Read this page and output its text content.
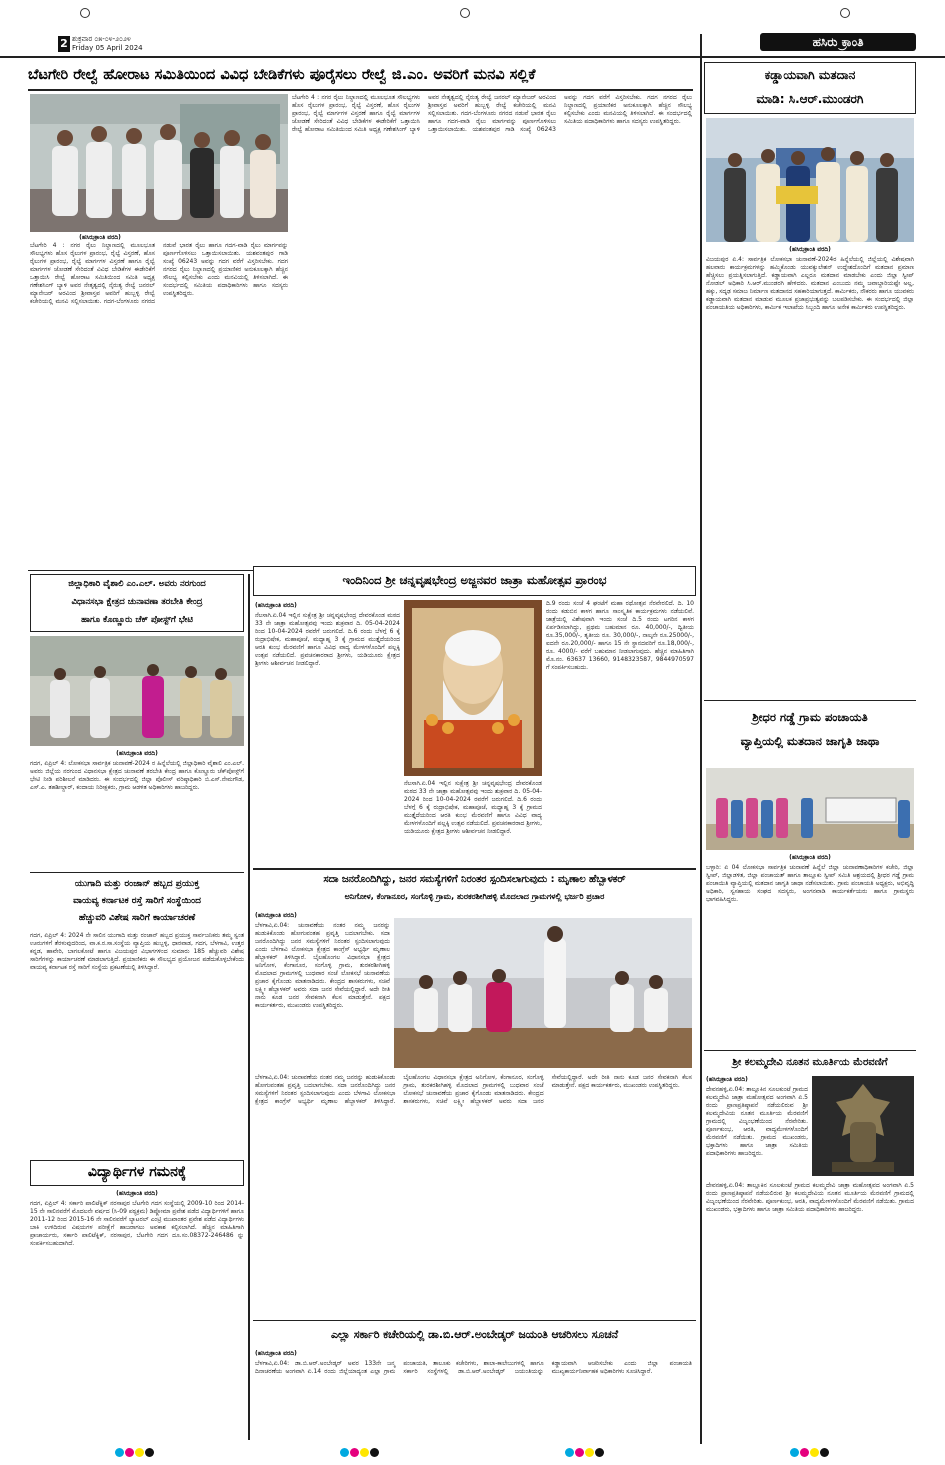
2 ಶುಕ್ರವಾರ ೦೫-೦೪-೨೦೨೪
Friday 05 April 2024	ಹಸಿರು ಕ್ರಾಂತಿ
ಬೆಟಗೇರಿ ರೇಲ್ವೆ ಹೋರಾಟ ಸಮಿತಿಯಿಂದ ವಿವಿಧ ಬೇಡಿಕೆಗಳು ಪೂರೈಸಲು ರೇಲ್ವೆ ಜಿ.ಎಂ. ಅವರಿಗೆ ಮನವಿ ಸಲ್ಲಿಕೆ
(ಹಸಿರುಕ್ರಾಂತಿ ವರದಿ)
ಬೆಟಗೇರಿ 4 : ನಗರ ರೈಲು ನಿಲ್ದಾಣದಲ್ಲಿ ಮೂಲಭೂತ ಸೌಲಭ್ಯಗಳು ಹೊಸ ರೈಲುಗಳ ಪ್ರಾರಂಭ, ರೈಲ್ವೆ ವಿಸ್ತರಣೆ, ಹೊಸ ರೈಲುಗಳ ಪ್ರಾರಂಭ, ರೈಲ್ವೆ ಮಾರ್ಗಗಳ ವಿಸ್ತರಣೆ ಹಾಗೂ ರೈಲ್ವೆ ಮಾರ್ಗಗಳ ಜೋಡಣೆ ಸೇರಿದಂತೆ ವಿವಿಧ ಬೇಡಿಕೆಗಳ ಈಡೇರಿಕೆಗೆ ಒತ್ತಾಯಿಸಿ ರೇಲ್ವೆ ಹೋರಾಟ ಸಮಿತಿಯಿಂದ ಸಮಿತಿ ಅಧ್ಯಕ್ಷ ಗಣೇಶಸಿಂಗ್ ಬ್ಯಾಳಿ ಅವರ ನೇತೃತ್ವದಲ್ಲಿ ನೈರುತ್ಯ ರೇಲ್ವೆ ಜನರಲ್ ಮ್ಯಾನೇಜರ್ ಅರವಿಂದ ಶ್ರೀವಾಸ್ತವ ಅವರಿಗೆ ಹುಬ್ಬಳ್ಳಿ ರೇಲ್ವೆ ಕಚೇರಿಯಲ್ಲಿ ಮನವಿ ಸಲ್ಲಿಸಲಾಯಿತು. ಗದಗ-ಬೆಂಗಳೂರು ನಗರದ ನಡುವೆ ಭಾರತ ರೈಲು ಹಾಗೂ ಗದಗ-ವಾಡಿ ರೈಲು ಮಾರ್ಗವನ್ನು ಪೂರ್ಣಗೊಳಿಸಲು ಒತ್ತಾಯಿಸಲಾಯಿತು. ಯಶವಂತಪುರ ಗಾಡಿ ಸಂಖ್ಯೆ 06243 ಅವನ್ನು ಗದಗ ವರೆಗೆ ವಿಸ್ತರಿಸಬೇಕು. ಗದಗ ನಗರದ ರೈಲು ನಿಲ್ದಾಣದಲ್ಲಿ ಪ್ರಯಾಣಿಕರ ಅನುಕೂಲಕ್ಕಾಗಿ ಹೆಚ್ಚಿನ ಸೌಲಭ್ಯ ಕಲ್ಪಿಸಬೇಕು ಎಂದು ಮನವಿಯಲ್ಲಿ ತಿಳಿಸಲಾಗಿದೆ. ಈ ಸಂದರ್ಭದಲ್ಲಿ ಸಮಿತಿಯ ಪದಾಧಿಕಾರಿಗಳು ಹಾಗೂ ಸದಸ್ಯರು ಉಪಸ್ಥಿತರಿದ್ದರು.
ಬೆಟಗೇರಿ 4 : ನಗರ ರೈಲು ನಿಲ್ದಾಣದಲ್ಲಿ ಮೂಲಭೂತ ಸೌಲಭ್ಯಗಳು ಹೊಸ ರೈಲುಗಳ ಪ್ರಾರಂಭ, ರೈಲ್ವೆ ವಿಸ್ತರಣೆ, ಹೊಸ ರೈಲುಗಳ ಪ್ರಾರಂಭ, ರೈಲ್ವೆ ಮಾರ್ಗಗಳ ವಿಸ್ತರಣೆ ಹಾಗೂ ರೈಲ್ವೆ ಮಾರ್ಗಗಳ ಜೋಡಣೆ ಸೇರಿದಂತೆ ವಿವಿಧ ಬೇಡಿಕೆಗಳ ಈಡೇರಿಕೆಗೆ ಒತ್ತಾಯಿಸಿ ರೇಲ್ವೆ ಹೋರಾಟ ಸಮಿತಿಯಿಂದ ಸಮಿತಿ ಅಧ್ಯಕ್ಷ ಗಣೇಶಸಿಂಗ್ ಬ್ಯಾಳಿ ಅವರ ನೇತೃತ್ವದಲ್ಲಿ ನೈರುತ್ಯ ರೇಲ್ವೆ ಜನರಲ್ ಮ್ಯಾನೇಜರ್ ಅರವಿಂದ ಶ್ರೀವಾಸ್ತವ ಅವರಿಗೆ ಹುಬ್ಬಳ್ಳಿ ರೇಲ್ವೆ ಕಚೇರಿಯಲ್ಲಿ ಮನವಿ ಸಲ್ಲಿಸಲಾಯಿತು. ಗದಗ-ಬೆಂಗಳೂರು ನಗರದ ನಡುವೆ ಭಾರತ ರೈಲು ಹಾಗೂ ಗದಗ-ವಾಡಿ ರೈಲು ಮಾರ್ಗವನ್ನು ಪೂರ್ಣಗೊಳಿಸಲು ಒತ್ತಾಯಿಸಲಾಯಿತು. ಯಶವಂತಪುರ ಗಾಡಿ ಸಂಖ್ಯೆ 06243 ಅವನ್ನು ಗದಗ ವರೆಗೆ ವಿಸ್ತರಿಸಬೇಕು. ಗದಗ ನಗರದ ರೈಲು ನಿಲ್ದಾಣದಲ್ಲಿ ಪ್ರಯಾಣಿಕರ ಅನುಕೂಲಕ್ಕಾಗಿ ಹೆಚ್ಚಿನ ಸೌಲಭ್ಯ ಕಲ್ಪಿಸಬೇಕು ಎಂದು ಮನವಿಯಲ್ಲಿ ತಿಳಿಸಲಾಗಿದೆ. ಈ ಸಂದರ್ಭದಲ್ಲಿ ಸಮಿತಿಯ ಪದಾಧಿಕಾರಿಗಳು ಹಾಗೂ ಸದಸ್ಯರು ಉಪಸ್ಥಿತರಿದ್ದರು.
ಕಡ್ಡಾಯವಾಗಿ ಮತದಾನ
ಮಾಡಿ: ಸಿ.ಆರ್.ಮುಂಡರಗಿ
(ಹಸಿರುಕ್ರಾಂತಿ ವರದಿ)
ವಿಜಯಪುರ ಏ.4: ಸಾರ್ವತ್ರಿಕ ಲೋಕಸಭಾ ಚುನಾವಣೆ-2024ರ ಹಿನ್ನೆಲೆಯಲ್ಲಿ ಜಿಲ್ಲೆಯಲ್ಲಿ ವಿಶೇಷವಾಗಿ ಹಲವಾರು ಕಾರ್ಯಕ್ರಮಗಳನ್ನು ಹಮ್ಮಿಕೊಂಡು ಯುವಕ್ಯುಲೇಶನ್ ಉದ್ದೇಶದೊಂದಿಗೆ ಮತದಾನ ಪ್ರಮಾಣ ಹೆಚ್ಚಿಸಲು ಪ್ರಯತ್ನಿಸಲಾಗುತ್ತಿದೆ. ಕಡ್ಡಾಯವಾಗಿ ಎಲ್ಲರೂ ಮತದಾನ ಮಾಡಬೇಕು ಎಂದು ಜಿಲ್ಲಾ ಸ್ವೀಪ್ ನೋಡಲ್ ಅಧಿಕಾರಿ ಸಿ.ಆರ್.ಮುಂಡರಗಿ ಹೇಳಿದರು. ಮತದಾನ ಎಂಬುದು ನಮ್ಮ ಜವಾಬ್ದಾರಿಯಷ್ಟೇ ಅಲ್ಲ, ಹಕ್ಕು, ಸದೃಢ ಸಮಾಜ ನಿರ್ಮಾಣ ಮತದಾನದ ಸಹಕಾರಿಯಾಗುತ್ತದೆ. ಕಾರ್ಮಿಕರು, ನೌಕರರು ಹಾಗೂ ಯುವಕರು ಕಡ್ಡಾಯವಾಗಿ ಮತದಾನ ಮಾಡುವ ಮೂಲಕ ಪ್ರಜಾಪ್ರಭುತ್ವವನ್ನು ಬಲಪಡಿಸಬೇಕು. ಈ ಸಂದರ್ಭದಲ್ಲಿ ಜಿಲ್ಲಾ ಪಂಚಾಯತಿಯ ಅಧಿಕಾರಿಗಳು, ಕಾರ್ಮಿಕ ಇಲಾಖೆಯ ಸಿಬ್ಬಂದಿ ಹಾಗೂ ಅನೇಕ ಕಾರ್ಮಿಕರು ಉಪಸ್ಥಿತರಿದ್ದರು.
ಶ್ರೀಧರ ಗಡ್ಡೆ ಗ್ರಾಮ ಪಂಚಾಯತಿ
ವ್ಯಾಪ್ತಿಯಲ್ಲಿ ಮತದಾನ ಜಾಗೃತಿ ಜಾಥಾ
(ಹಸಿರುಕ್ರಾಂತಿ ವರದಿ)
ಬಳ್ಳಾರಿ: ಏ 04 ಲೋಕಸಭಾ ಸಾರ್ವತ್ರಿಕ ಚುನಾವಣೆ ಹಿನ್ನೆಲೆ ಜಿಲ್ಲಾ ಚುನಾವಣಾಧಿಕಾರಿಗಳ ಕಚೇರಿ, ಜಿಲ್ಲಾ ಸ್ವೀಪ್, ಜಿಲ್ಲಾಡಳಿತ, ಜಿಲ್ಲಾ ಪಂಚಾಯತ್ ಹಾಗೂ ತಾಲ್ಲೂಕು ಸ್ವೀಪ್ ಸಮಿತಿ ಆಶ್ರಯದಲ್ಲಿ ಶ್ರೀಧರ ಗಡ್ಡೆ ಗ್ರಾಮ ಪಂಚಾಯಿತಿ ವ್ಯಾಪ್ತಿಯಲ್ಲಿ ಮತದಾನ ಜಾಗೃತಿ ಜಾಥಾ ನಡೆಸಲಾಯಿತು. ಗ್ರಾಮ ಪಂಚಾಯತಿ ಅಧ್ಯಕ್ಷರು, ಅಭಿವೃದ್ಧಿ ಅಧಿಕಾರಿ, ಸ್ವಸಹಾಯ ಸಂಘದ ಸದಸ್ಯರು, ಅಂಗನವಾಡಿ ಕಾರ್ಯಕರ್ತೆಯರು ಹಾಗೂ ಗ್ರಾಮಸ್ಥರು ಭಾಗವಹಿಸಿದ್ದರು.
ಶ್ರೀ ಕಲಮ್ಮದೇವಿ ನೂತನ ಮೂರ್ತಿಯ ಮೆರವಣಿಗೆ
(ಹಸಿರುಕ್ರಾಂತಿ ವರದಿ)
ದೇವನಹಳ್ಳಿ,ಏ.04: ತಾಲ್ಲೂಕಿನ ಸೂಲಕುಂಟೆ ಗ್ರಾಮದ ಕಲಮ್ಮದೇವಿ ಜಾತ್ರಾ ಮಹೋತ್ಸವದ ಅಂಗವಾಗಿ ಏ.5 ರಂದು ಪ್ರಾಣಪ್ರತಿಷ್ಠಾಪನೆ ನಡೆಯಲಿರುವ ಶ್ರೀ ಕಲಮ್ಮದೇವಿಯ ನೂತನ ಮೂರ್ತಿಯ ಮೆರವಣಿಗೆ ಗ್ರಾಮದಲ್ಲಿ ವಿಜೃಂಭಣೆಯಿಂದ ನೆರವೇರಿತು. ಪೂರ್ಣಕುಂಭ, ಆರತಿ, ವಾದ್ಯಮೇಳಗಳೊಂದಿಗೆ ಮೆರವಣಿಗೆ ನಡೆಯಿತು. ಗ್ರಾಮದ ಮುಖಂಡರು, ಭಕ್ತಾದಿಗಳು ಹಾಗೂ ಜಾತ್ರಾ ಸಮಿತಿಯ ಪದಾಧಿಕಾರಿಗಳು ಹಾಜರಿದ್ದರು.
ದೇವನಹಳ್ಳಿ,ಏ.04: ತಾಲ್ಲೂಕಿನ ಸೂಲಕುಂಟೆ ಗ್ರಾಮದ ಕಲಮ್ಮದೇವಿ ಜಾತ್ರಾ ಮಹೋತ್ಸವದ ಅಂಗವಾಗಿ ಏ.5 ರಂದು ಪ್ರಾಣಪ್ರತಿಷ್ಠಾಪನೆ ನಡೆಯಲಿರುವ ಶ್ರೀ ಕಲಮ್ಮದೇವಿಯ ನೂತನ ಮೂರ್ತಿಯ ಮೆರವಣಿಗೆ ಗ್ರಾಮದಲ್ಲಿ ವಿಜೃಂಭಣೆಯಿಂದ ನೆರವೇರಿತು. ಪೂರ್ಣಕುಂಭ, ಆರತಿ, ವಾದ್ಯಮೇಳಗಳೊಂದಿಗೆ ಮೆರವಣಿಗೆ ನಡೆಯಿತು. ಗ್ರಾಮದ ಮುಖಂಡರು, ಭಕ್ತಾದಿಗಳು ಹಾಗೂ ಜಾತ್ರಾ ಸಮಿತಿಯ ಪದಾಧಿಕಾರಿಗಳು ಹಾಜರಿದ್ದರು.
ಜಿಲ್ಲಾಧಿಕಾರಿ ವೈಶಾಲಿ ಎಂ.ಎಲ್. ಅವರು ನರಗುಂದ
ವಿಧಾನಸಭಾ ಕ್ಷೇತ್ರದ ಚುನಾವಣಾ ತರಬೇತಿ ಕೇಂದ್ರ
ಹಾಗೂ ಕೊಣ್ಣೂರು ಚೆಕ್ ಪೋಸ್ಟ್‌ಗೆ ಭೇಟಿ
(ಹಸಿರುಕ್ರಾಂತಿ ವರದಿ)
ಗದಗ, ಏಪ್ರಿಲ್ 4: ಲೋಕಸಭಾ ಸಾರ್ವತ್ರಿಕ ಚುನಾವಣೆ-2024 ರ ಹಿನ್ನೆಲೆಯಲ್ಲಿ ಜಿಲ್ಲಾಧಿಕಾರಿ ವೈಶಾಲಿ ಎಂ.ಎಲ್. ಅವರು ಜಿಲ್ಲೆಯ ನರಗುಂದ ವಿಧಾನಸಭಾ ಕ್ಷೇತ್ರದ ಚುನಾವಣೆ ತರಬೇತಿ ಕೇಂದ್ರ ಹಾಗೂ ಕೊಣ್ಣೂರು ಚೆಕ್‌ಪೋಸ್ಟ್‌ಗೆ ಭೇಟಿ ನೀಡಿ ಪರಿಶೀಲನೆ ಮಾಡಿದರು. ಈ ಸಂದರ್ಭದಲ್ಲಿ ಜಿಲ್ಲಾ ಪೊಲೀಸ್ ವರಿಷ್ಠಾಧಿಕಾರಿ ಬಿ.ಎಸ್.ನೇಮಗೌಡ, ಎಸ್.ಎ. ತಹಶೀಲ್ದಾರ್, ಕಂದಾಯ ನಿರೀಕ್ಷಕರು, ಗ್ರಾಮ ಆಡಳಿತ ಅಧಿಕಾರಿಗಳು ಹಾಜರಿದ್ದರು.
ಯುಗಾದಿ ಮತ್ತು ರಂಜಾನ್ ಹಬ್ಬದ ಪ್ರಯುಕ್ತ
ವಾಯವ್ಯ ಕರ್ನಾಟಕ ರಸ್ತೆ ಸಾರಿಗೆ ಸಂಸ್ಥೆಯಿಂದ
ಹೆಚ್ಚುವರಿ ವಿಶೇಷ ಸಾರಿಗೆ ಕಾರ್ಯಾಚರಣೆ
ಗದಗ, ಏಪ್ರಿಲ್ 4: 2024 ನೇ ಸಾಲಿನ ಯುಗಾದಿ ಮತ್ತು ರಂಜಾನ್ ಹಬ್ಬದ ಪ್ರಯುಕ್ತ ಸಾರ್ವಜನಿಕರು ತಮ್ಮ ಸ್ವಂತ ಊರುಗಳಿಗೆ ತೆರಳುವುದರಿಂದ, ವಾ.ಕ.ರ.ಸಾ.ಸಂಸ್ಥೆಯ ವ್ಯಾಪ್ತಿಯ ಹುಬ್ಬಳ್ಳಿ, ಧಾರವಾಡ, ಗದಗ, ಬೆಳಗಾವಿ, ಉತ್ತರ ಕನ್ನಡ, ಹಾವೇರಿ, ಬಾಗಲಕೋಟೆ ಹಾಗೂ ವಿಜಯಪುರ ವಿಭಾಗಗಳಿಂದ ಸುಮಾರು 185 ಹೆಚ್ಚುವರಿ ವಿಶೇಷ ಸಾರಿಗೆಗಳನ್ನು ಕಾರ್ಯಾಚರಣೆ ಮಾಡಲಾಗುತ್ತಿದೆ. ಪ್ರಯಾಣಿಕರು ಈ ಸೌಲಭ್ಯದ ಪ್ರಯೋಜನ ಪಡೆದುಕೊಳ್ಳಬೇಕೆಂದು ವಾಯವ್ಯ ಕರ್ನಾಟಕ ರಸ್ತೆ ಸಾರಿಗೆ ಸಂಸ್ಥೆಯ ಪ್ರಕಟಣೆಯಲ್ಲಿ ತಿಳಿಸಿದ್ದಾರೆ.
ವಿದ್ಯಾರ್ಥಿಗಳ ಗಮನಕ್ಕೆ
(ಹಸಿರುಕ್ರಾಂತಿ ವರದಿ)
ಗದಗ, ಏಪ್ರಿಲ್ 4: ಸರ್ಕಾರಿ ಪಾಲಿಟೆಕ್ನಿಕ್ ನರಸಾಪುರ ಬೆಟಗೇರಿ ಗದಗ ಸಂಸ್ಥೆಯಲ್ಲಿ 2009-10 ರಿಂದ 2014-15 ನೇ ಸಾಲಿನವರೆಗೆ ಮೊದಲನೇ ವರ್ಷದ (ಸಿ-09 ಪಠ್ಯಕ್ರಮ) ಡಿಪ್ಲೋಮಾ ಪ್ರವೇಶ ಪಡೆದ ವಿದ್ಯಾರ್ಥಿಗಳಿಗೆ ಹಾಗೂ 2011-12 ರಿಂದ 2015-16 ನೇ ಸಾಲಿನವರೆಗೆ ಲ್ಯಾಟರಲ್ ಎಂಟ್ರಿ ಮುಖಾಂತರ ಪ್ರವೇಶ ಪಡೆದ ವಿದ್ಯಾರ್ಥಿಗಳು ಬಾಕಿ ಉಳಿದಿರುವ ವಿಷಯಗಳ ಪರೀಕ್ಷೆಗೆ ಹಾಜರಾಗಲು ಅವಕಾಶ ಕಲ್ಪಿಸಲಾಗಿದೆ. ಹೆಚ್ಚಿನ ಮಾಹಿತಿಗಾಗಿ ಪ್ರಾಚಾರ್ಯರು, ಸರ್ಕಾರಿ ಪಾಲಿಟೆಕ್ನಿಕ್, ನರಸಾಪುರ, ಬೆಟಗೇರಿ ಗದಗ ದೂ.ಸಂ.08372-246486 ನ್ನು ಸಂಪರ್ಕಿಸಬಹುದಾಗಿದೆ.
ಇಂದಿನಿಂದ ಶ್ರೀ ಚನ್ನವೃಷಭೇಂದ್ರ ಅಜ್ಜನವರ ಜಾತ್ರಾ ಮಹೋತ್ಸವ ಪ್ರಾರಂಭ
(ಹಸಿರುಕ್ರಾಂತಿ ವರದಿ)
ನೆಲಸಾಗಿ.ಏ.04 ಇಲ್ಲಿನ ಸುಕ್ಷೇತ್ರ ಶ್ರೀ ಚನ್ನವೃಷಭೇಂದ್ರ ದೇವರಕೊಂಡ ಮಠದ 33 ನೇ ಜಾತ್ರಾ ಮಹೋತ್ಸವವು ಇಂದು ಶುಕ್ರವಾರ ದಿ. 05-04-2024 ರಿಂದ 10-04-2024 ರವರೆಗೆ ಜರುಗಲಿದೆ. ದಿ.6 ರಂದು ಬೆಳಗ್ಗೆ 6 ಕ್ಕೆ ರುದ್ರಾಭಿಷೇಕ, ಮಹಾಪೂಜೆ, ಮಧ್ಯಾಹ್ನ 3 ಕ್ಕೆ ಗ್ರಾಮದ ಮುತ್ತೈದೆಯರಿಂದ ಆರತಿ ಕುಂಭ ಮೆರವಣಿಗೆ ಹಾಗೂ ವಿವಿಧ ವಾದ್ಯ ಮೇಳಗಳೊಂದಿಗೆ ಪಲ್ಲಕ್ಕಿ ಉತ್ಸವ ನಡೆಯಲಿದೆ. ಪ್ರವಚನಕಾರರಾದ ಶ್ರೀಗಳು, ಯಡಿಯೂರು ಕ್ಷೇತ್ರದ ಶ್ರೀಗಳು ಆಶೀರ್ವಚನ ನೀಡಲಿದ್ದಾರೆ.
ದಿ.9 ರಂದು ಸಂಜೆ 4 ಘಂಟೆಗೆ ಮಹಾ ರಥೋತ್ಸವ ನೆರವೇರಲಿದೆ. ದಿ. 10 ರಂದು ಕಡುಬಿನ ಕಾಳಗ ಹಾಗೂ ಸಾಂಸ್ಕೃತಿಕ ಕಾರ್ಯಕ್ರಮಗಳು ನಡೆಯಲಿವೆ. ಜಾತ್ರೆಯಲ್ಲಿ ವಿಶೇಷವಾಗಿ ಇಂದು ಸಂಜೆ ದಿ.5 ರಂದು ಟಗರಿನ ಕಾಳಗ ಏರ್ಪಡಿಸಲಾಗಿದ್ದು, ಪ್ರಥಮ ಬಹುಮಾನ ರೂ. 40,000/-, ದ್ವಿತೀಯ ರೂ.35,000/-, ತೃತೀಯ ರೂ. 30,000/-, ನಾಲ್ಕನೇ ರೂ.25000/-, ಐದನೇ ರೂ.20,000/- ಹಾಗೂ 15 ನೇ ಸ್ಥಾನದವರಿಗೆ ರೂ.18,000/-, ರೂ. 4000/- ವರೆಗೆ ಬಹುಮಾನ ನೀಡಲಾಗುವುದು. ಹೆಚ್ಚಿನ ಮಾಹಿತಿಗಾಗಿ ಮೊ.ನಂ. 63637 13660, 9148323587, 9844970597 ಗೆ ಸಂಪರ್ಕಿಸಬಹುದು.
ನೆಲಸಾಗಿ.ಏ.04 ಇಲ್ಲಿನ ಸುಕ್ಷೇತ್ರ ಶ್ರೀ ಚನ್ನವೃಷಭೇಂದ್ರ ದೇವರಕೊಂಡ ಮಠದ 33 ನೇ ಜಾತ್ರಾ ಮಹೋತ್ಸವವು ಇಂದು ಶುಕ್ರವಾರ ದಿ. 05-04-2024 ರಿಂದ 10-04-2024 ರವರೆಗೆ ಜರುಗಲಿದೆ. ದಿ.6 ರಂದು ಬೆಳಗ್ಗೆ 6 ಕ್ಕೆ ರುದ್ರಾಭಿಷೇಕ, ಮಹಾಪೂಜೆ, ಮಧ್ಯಾಹ್ನ 3 ಕ್ಕೆ ಗ್ರಾಮದ ಮುತ್ತೈದೆಯರಿಂದ ಆರತಿ ಕುಂಭ ಮೆರವಣಿಗೆ ಹಾಗೂ ವಿವಿಧ ವಾದ್ಯ ಮೇಳಗಳೊಂದಿಗೆ ಪಲ್ಲಕ್ಕಿ ಉತ್ಸವ ನಡೆಯಲಿದೆ. ಪ್ರವಚನಕಾರರಾದ ಶ್ರೀಗಳು, ಯಡಿಯೂರು ಕ್ಷೇತ್ರದ ಶ್ರೀಗಳು ಆಶೀರ್ವಚನ ನೀಡಲಿದ್ದಾರೆ.
ಸದಾ ಜನರೊಂದಿಗಿದ್ದು, ಜನರ ಸಮಸ್ಯೆಗಳಿಗೆ ನಿರಂತರ ಸ್ಪಂದಿಸಲಾಗುವುದು : ಮೃಣಾಲ ಹೆಬ್ಬಾಳಕರ್
ಅನಿಗೋಳ, ಕೆಂಗಾನೂರ, ಸಂಗೊಳ್ಳಿ ಗ್ರಾಮ, ತುರಕರಶೀಗಿಹಳ್ಳಿ ಮೊದಲಾದ ಗ್ರಾಮಗಳಲ್ಲಿ ಭರ್ಜರಿ ಪ್ರಚಾರ
(ಹಸಿರುಕ್ರಾಂತಿ ವರದಿ)
ಬೆಳಗಾವಿ,ಏ.04: ಚುನಾವಣೆಯ ನಂತರ ನಮ್ಮ ಜನರನ್ನು ಹುಡುಕಿಕೊಂಡು ಹೋಗುವಂತಹ ಪ್ರವೃತ್ತಿ ಬದಲಾಗಬೇಕು. ಸದಾ ಜನರೊಂದಿಗಿದ್ದು ಜನರ ಸಮಸ್ಯೆಗಳಿಗೆ ನಿರಂತರ ಸ್ಪಂದಿಸಲಾಗುವುದು ಎಂದು ಬೆಳಗಾವಿ ಲೋಕಸಭಾ ಕ್ಷೇತ್ರದ ಕಾಂಗ್ರೆಸ್ ಅಭ್ಯರ್ಥಿ ಮೃಣಾಲ ಹೆಬ್ಬಾಳಕರ್ ತಿಳಿಸಿದ್ದಾರೆ. ಬೈಲಹೊಂಗಲ ವಿಧಾನಸಭಾ ಕ್ಷೇತ್ರದ ಅನಿಗೋಳ, ಕೆಂಗಾನೂರ, ಸಂಗೊಳ್ಳಿ ಗ್ರಾಮ, ತುರಕರಶೀಗಿಹಳ್ಳಿ ಮೊದಲಾದ ಗ್ರಾಮಗಳಲ್ಲಿ ಬುಧವಾರ ಸಂಜೆ ಲೋಕಸಭೆ ಚುನಾವಣೆಯ ಪ್ರಚಾರ ಕೈಗೊಂಡು ಮಾತನಾಡಿದರು. ಕೇಂದ್ರದ ಶಾಸಕರುಗಳು, ಸಚಿವೆ ಲಕ್ಷ್ಮೀ ಹೆಬ್ಬಾಳಕರ್ ಅವರು ಸದಾ ಜನರ ಸೇವೆಯಲ್ಲಿದ್ದಾರೆ. ಅದೇ ರೀತಿ ನಾನು ಕೂಡ ಜನರ ಸೇವಕನಾಗಿ ಕೆಲಸ ಮಾಡುತ್ತೇನೆ. ಪಕ್ಷದ ಕಾರ್ಯಕರ್ತರು, ಮುಖಂಡರು ಉಪಸ್ಥಿತರಿದ್ದರು.
ಬೆಳಗಾವಿ,ಏ.04: ಚುನಾವಣೆಯ ನಂತರ ನಮ್ಮ ಜನರನ್ನು ಹುಡುಕಿಕೊಂಡು ಹೋಗುವಂತಹ ಪ್ರವೃತ್ತಿ ಬದಲಾಗಬೇಕು. ಸದಾ ಜನರೊಂದಿಗಿದ್ದು ಜನರ ಸಮಸ್ಯೆಗಳಿಗೆ ನಿರಂತರ ಸ್ಪಂದಿಸಲಾಗುವುದು ಎಂದು ಬೆಳಗಾವಿ ಲೋಕಸಭಾ ಕ್ಷೇತ್ರದ ಕಾಂಗ್ರೆಸ್ ಅಭ್ಯರ್ಥಿ ಮೃಣಾಲ ಹೆಬ್ಬಾಳಕರ್ ತಿಳಿಸಿದ್ದಾರೆ. ಬೈಲಹೊಂಗಲ ವಿಧಾನಸಭಾ ಕ್ಷೇತ್ರದ ಅನಿಗೋಳ, ಕೆಂಗಾನೂರ, ಸಂಗೊಳ್ಳಿ ಗ್ರಾಮ, ತುರಕರಶೀಗಿಹಳ್ಳಿ ಮೊದಲಾದ ಗ್ರಾಮಗಳಲ್ಲಿ ಬುಧವಾರ ಸಂಜೆ ಲೋಕಸಭೆ ಚುನಾವಣೆಯ ಪ್ರಚಾರ ಕೈಗೊಂಡು ಮಾತನಾಡಿದರು. ಕೇಂದ್ರದ ಶಾಸಕರುಗಳು, ಸಚಿವೆ ಲಕ್ಷ್ಮೀ ಹೆಬ್ಬಾಳಕರ್ ಅವರು ಸದಾ ಜನರ ಸೇವೆಯಲ್ಲಿದ್ದಾರೆ. ಅದೇ ರೀತಿ ನಾನು ಕೂಡ ಜನರ ಸೇವಕನಾಗಿ ಕೆಲಸ ಮಾಡುತ್ತೇನೆ. ಪಕ್ಷದ ಕಾರ್ಯಕರ್ತರು, ಮುಖಂಡರು ಉಪಸ್ಥಿತರಿದ್ದರು.
ಎಲ್ಲಾ ಸರ್ಕಾರಿ ಕಚೇರಿಯಲ್ಲಿ ಡಾ.ಬಿ.ಆರ್.ಅಂಬೇಡ್ಕರ್ ಜಯಂತಿ ಆಚರಿಸಲು ಸೂಚನೆ
(ಹಸಿರುಕ್ರಾಂತಿ ವರದಿ)
ಬೆಳಗಾವಿ,ಏ.04: ಡಾ.ಬಿ.ಆರ್.ಅಂಬೇಡ್ಕರ್ ಅವರ 133ನೇ ಜನ್ಮ ದಿನಾಚರಣೆಯ ಅಂಗವಾಗಿ ಏ.14 ರಂದು ಜಿಲ್ಲೆಯಾದ್ಯಂತ ಎಲ್ಲಾ ಗ್ರಾಮ ಪಂಚಾಯತಿ, ತಾಲೂಕು ಕಚೇರಿಗಳು, ಶಾಲಾ-ಕಾಲೇಜುಗಳಲ್ಲಿ ಹಾಗೂ ಸರ್ಕಾರಿ ಸಂಸ್ಥೆಗಳಲ್ಲಿ ಡಾ.ಬಿ.ಆರ್.ಅಂಬೇಡ್ಕರ್ ಜಯಂತಿಯನ್ನು ಕಡ್ಡಾಯವಾಗಿ ಆಚರಿಸಬೇಕು ಎಂದು ಜಿಲ್ಲಾ ಪಂಚಾಯತಿ ಮುಖ್ಯಕಾರ್ಯನಿರ್ವಾಹಕ ಅಧಿಕಾರಿಗಳು ಸೂಚಿಸಿದ್ದಾರೆ.
